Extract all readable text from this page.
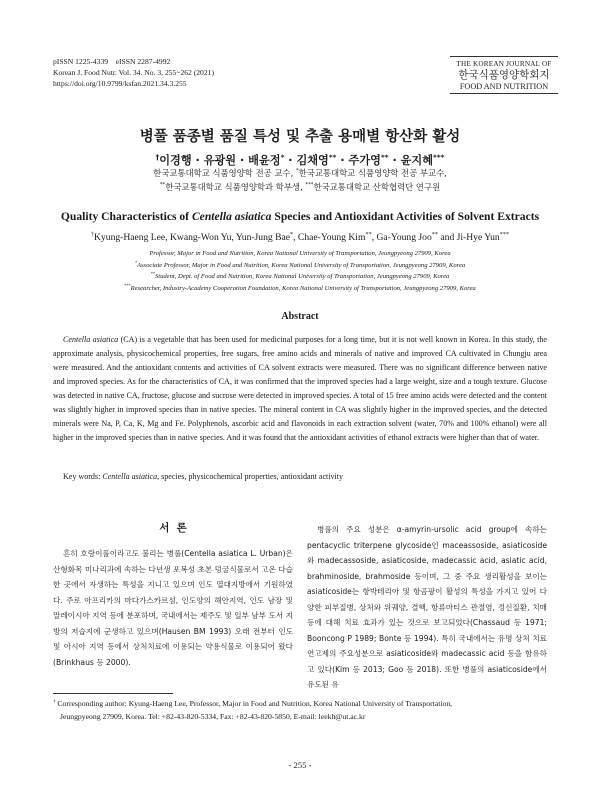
pISSN 1225-4339    eISSN 2287-4992
Korean J. Food Nutr. Vol. 34. No. 3, 255~262 (2021)
https://doi.org/10.9799/ksfan.2021.34.3.255
THE KOREAN JOURNAL OF
한국식품영양학회지
FOOD AND NUTRITION
병풀 품종별 품질 특성 및 추출 용매별 항산화 활성
†이경행 · 유광원 · 배윤정* · 김채영** · 주가영** · 윤지혜***
한국교통대학교 식품영양학 전공 교수, *한국교통대학교 식품영양학 전공 부교수,
**한국교통대학교 식품영양학과 학부생, ***한국교통대학교 산학협력단 연구원
Quality Characteristics of Centella asiatica Species and Antioxidant Activities of Solvent Extracts
†Kyung-Haeng Lee, Kwang-Won Yu, Yun-Jung Bae*, Chae-Young Kim**, Ga-Young Joo** and Ji-Hye Yun***
Professor, Major in Food and Nutrition, Korea National University of Transportation, Jeungpyeong 27909, Korea
*Associate Professor, Major in Food and Nutrition, Korea National University of Transportation, Jeungpyeong 27909, Korea
**Student, Dept. of Food and Nutrition, Korea National University of Transportation, Jeungpyeong 27909, Korea
***Researcher, Industry-Academy Cooperation Foundation, Korea National University of Transportation, Jeungpyeong 27909, Korea
Abstract
Centella asiatica (CA) is a vegetable that has been used for medicinal purposes for a long time, but it is not well known in Korea. In this study, the approximate analysis, physicochemical properties, free sugars, free amino acids and minerals of native and improved CA cultivated in Chungju area were measured. And the antioxidant contents and activities of CA solvent extracts were measured. There was no significant difference between native and improved species. As for the characteristics of CA, it was confirmed that the improved species had a large weight, size and a tough texture. Glucose was detected in native CA, fructose, glucose and sucrose were detected in improved species. A total of 15 free amino acids were detected and the content was slightly higher in improved species than in native species. The mineral content in CA was slightly higher in the improved species, and the detected minerals were Na, P, Ca, K, Mg and Fe. Polyphenols, ascorbic acid and flavonoids in each extraction solvent (water, 70% and 100% ethanol) were all higher in the improved species than in native species. And it was found that the antioxidant activities of ethanol extracts were higher than that of water.
Key words: Centella asiatica, species, physicochemical properties, antioxidant activity
서  론
흔히 호랑이풀이라고도 불리는 병풀(Centella asiatica L. Urban)은 산형화목 미나리과에 속하는 다년생 포복성 초본 덩굴식물로서 고온 다습한 곳에서 자생하는 특성을 지니고 있으며 인도 열대지방에서 기원하였다. 주로 아프리카의 마다가스카르섬, 인도양의 해안지역, 인도 남장 및 말레이시아 지역 등에 분포하며, 국내에서는 제주도 및 일부 남부 도서 지방의 저습지에 군생하고 있으며(Hausen BM 1993) 오래 전부터 인도 및 아시아 지역 등에서 상처치료에 이용되는 약용식물로 이용되어 왔다(Brinkhaus 등 2000).
병풀의 주요 성분은 α-amyrin-ursolic acid group에 속하는 pentacyclic triterpene glycoside인 maceassoside, asiaticoside와 madecassoside, asiaticoside, madecassic acid, asiatic acid, brahminoside, brahmoside 등이며, 그 중 주요 생리활성을 보이는 asiaticoside는 항박테리아 및 항곰팡이 활성의 특성을 가지고 있어 다양한 피부질병, 상처와 위궤양, 결핵, 항류마티스 관절염, 정신질환, 치매 등에 대해 치료 효과가 있는 것으로 보고되었다(Chassaud 등 1971; Booncong P 1989; Bonte 등 1994). 특히 국내에서는 유명 상처 치료 연고제의 주요성분으로 asiaticoside와 madecassic acid 등을 함유하고 있다(Kim 등 2013; Goo 등 2018). 또한 병풀의 asiaticoside에서 유도된 유
† Corresponding author: Kyung-Haeng Lee, Professor, Major in Food and Nutrition, Korea National University of Transportation,
Jeungpyeong 27909, Korea. Tel: +82-43-820-5334, Fax: +82-43-820-5850, E-mail: leekh@ut.ac.kr
- 255 -
